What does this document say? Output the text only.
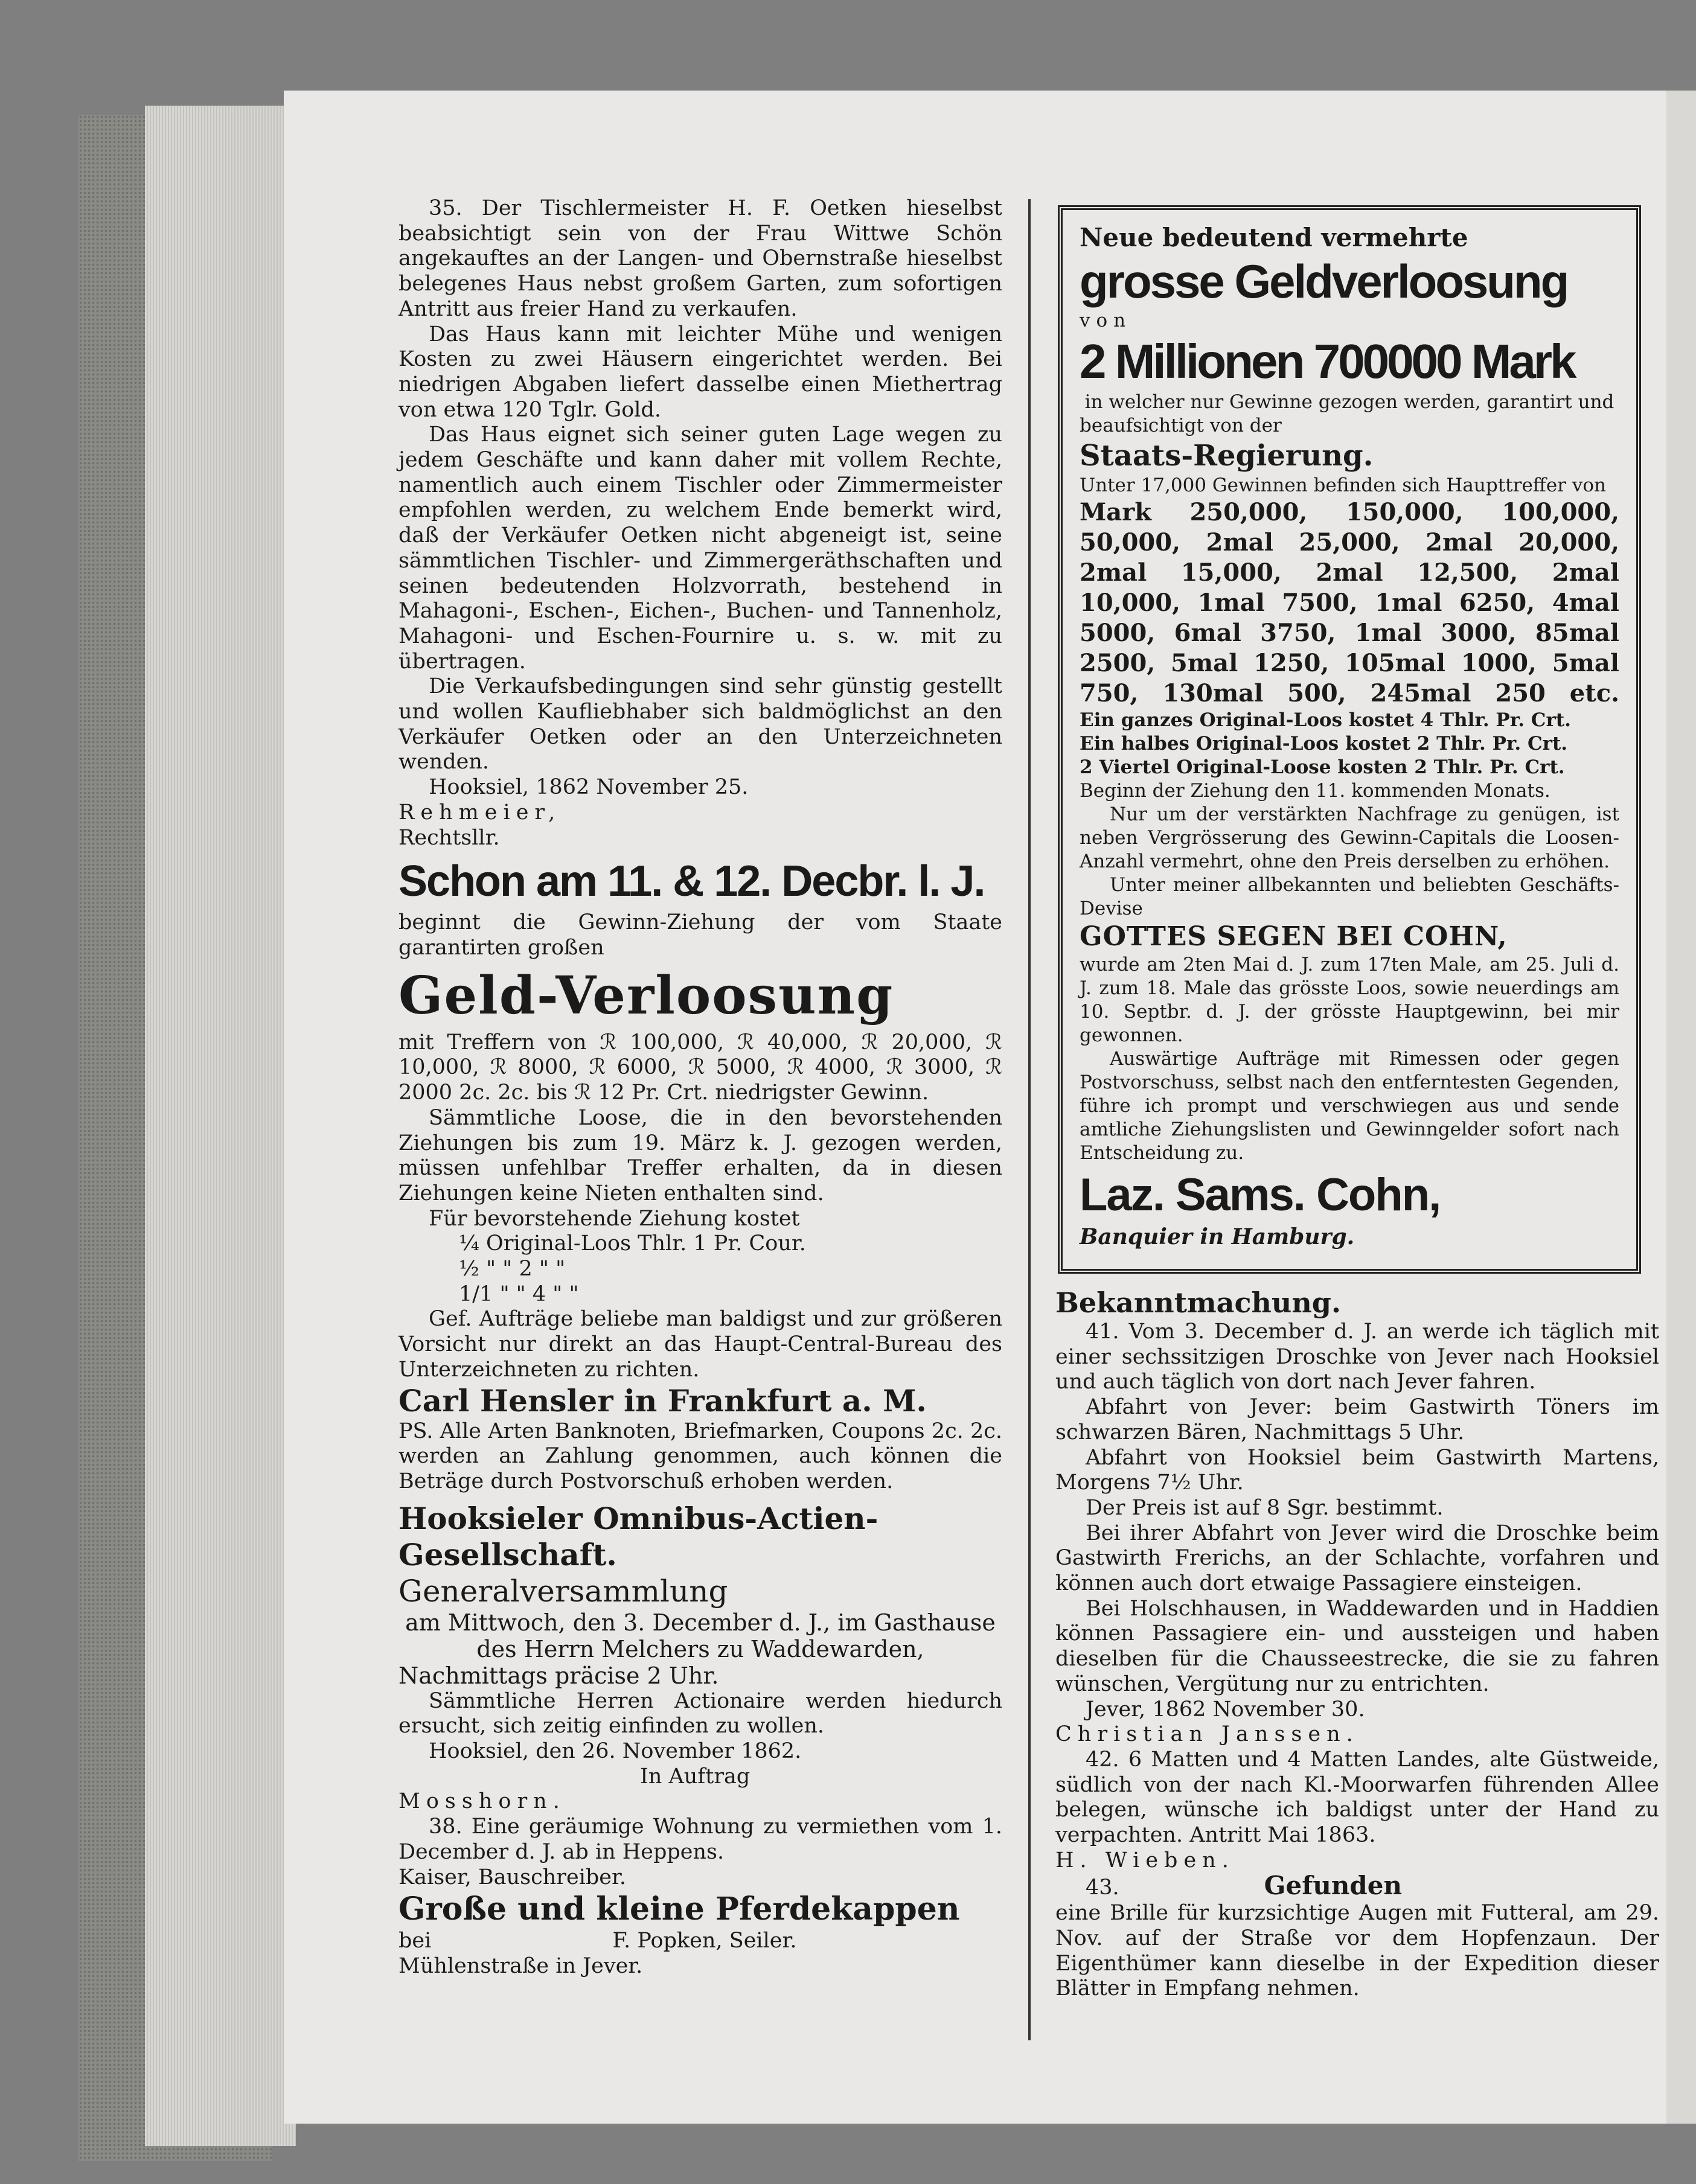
35. Der Tischlermeister H. F. Oetken hieselbst beabsichtigt sein von der Frau Wittwe Schön angekauftes an der Langen- und Obernstraße hieselbst belegenes Haus nebst großem Garten, zum sofortigen Antritt aus freier Hand zu verkaufen.

Das Haus kann mit leichter Mühe und wenigen Kosten zu zwei Häusern eingerichtet werden. Bei niedrigen Abgaben liefert dasselbe einen Miethertrag von etwa 120 Tglr. Gold.

Das Haus eignet sich seiner guten Lage wegen zu jedem Geschäfte und kann daher mit vollem Rechte, namentlich auch einem Tischler oder Zimmermeister empfohlen werden, zu welchem Ende bemerkt wird, daß der Verkäufer Oetken nicht abgeneigt ist, seine sämmtlichen Tischler- und Zimmergeräthschaften und seinen bedeutenden Holzvorrath, bestehend in Mahagoni-, Eschen-, Eichen-, Buchen- und Tannenholz, Mahagoni- und Eschen-Fournire u. s. w. mit zu übertragen.

Die Verkaufsbedingungen sind sehr günstig gestellt und wollen Kaufliebhaber sich baldmöglichst an den Verkäufer Oetken oder an den Unterzeichneten wenden.

Hooksiel, 1862 November 25.

Rehmeier,

Rechtsllr.

Schon am 11. & 12. Decbr. l. J.

beginnt die Gewinn-Ziehung der vom Staate garantirten großen

Geld-Verloosung

mit Treffern von ℛ 100,000, ℛ 40,000, ℛ 20,000, ℛ 10,000, ℛ 8000, ℛ 6000, ℛ 5000, ℛ 4000, ℛ 3000, ℛ 2000 2c. 2c. bis ℛ 12 Pr. Crt. niedrigster Gewinn.

Sämmtliche Loose, die in den bevorstehenden Ziehungen bis zum 19. März k. J. gezogen werden, müssen unfehlbar Treffer erhalten, da in diesen Ziehungen keine Nieten enthalten sind.

Für bevorstehende Ziehung kostet

¼ Original-Loos Thlr. 1 Pr. Cour.

½ " " 2 " "

1/1 " " 4 " "

Gef. Aufträge beliebe man baldigst und zur größeren Vorsicht nur direkt an das Haupt-Central-Bureau des Unterzeichneten zu richten.

Carl Hensler in Frankfurt a. M.

PS. Alle Arten Banknoten, Briefmarken, Coupons 2c. 2c. werden an Zahlung genommen, auch können die Beträge durch Postvorschuß erhoben werden.

Hooksieler Omnibus-Actien-

Gesellschaft.

Generalversammlung

am Mittwoch, den 3. December d. J., im Gasthause des Herrn Melchers zu Waddewarden, Nachmittags präcise 2 Uhr.

Sämmtliche Herren Actionaire werden hiedurch ersucht, sich zeitig einfinden zu wollen.

Hooksiel, den 26. November 1862.

In Auftrag

Mosshorn.

38. Eine geräumige Wohnung zu vermiethen vom 1. December d. J. ab in Heppens.

Kaiser, Bauschreiber.

Große und kleine Pferdekappen

bei	F. Popken, Seiler.

Mühlenstraße in Jever.

Neue bedeutend vermehrte

grosse Geldverloosung

von

2 Millionen 700000 Mark

in welcher nur Gewinne gezogen werden, garantirt und beaufsichtigt von der

Staats-Regierung.

Unter 17,000 Gewinnen befinden sich Haupttreffer von

Mark 250,000, 150,000, 100,000, 50,000, 2mal 25,000, 2mal 20,000, 2mal 15,000, 2mal 12,500, 2mal 10,000, 1mal 7500, 1mal 6250, 4mal 5000, 6mal 3750, 1mal 3000, 85mal 2500, 5mal 1250, 105mal 1000, 5mal 750, 130mal 500, 245mal 250 etc.

Ein ganzes Original-Loos kostet 4 Thlr. Pr. Crt.

Ein halbes Original-Loos kostet 2 Thlr. Pr. Crt.

2 Viertel Original-Loose kosten 2 Thlr. Pr. Crt.

Beginn der Ziehung den 11. kommenden Monats.

Nur um der verstärkten Nachfrage zu genügen, ist neben Vergrösserung des Gewinn-Capitals die Loosen-Anzahl vermehrt, ohne den Preis derselben zu erhöhen.

Unter meiner allbekannten und beliebten Geschäfts-Devise

GOTTES SEGEN BEI COHN,

wurde am 2ten Mai d. J. zum 17ten Male, am 25. Juli d. J. zum 18. Male das grösste Loos, sowie neuerdings am 10. Septbr. d. J. der grösste Hauptgewinn, bei mir gewonnen.

Auswärtige Aufträge mit Rimessen oder gegen Postvorschuss, selbst nach den entferntesten Gegenden, führe ich prompt und verschwiegen aus und sende amtliche Ziehungslisten und Gewinngelder sofort nach Entscheidung zu.

Laz. Sams. Cohn,

Banquier in Hamburg.

Bekanntmachung.

41. Vom 3. December d. J. an werde ich täglich mit einer sechssitzigen Droschke von Jever nach Hooksiel und auch täglich von dort nach Jever fahren.

Abfahrt von Jever: beim Gastwirth Töners im schwarzen Bären, Nachmittags 5 Uhr.

Abfahrt von Hooksiel beim Gastwirth Martens, Morgens 7½ Uhr.

Der Preis ist auf 8 Sgr. bestimmt.

Bei ihrer Abfahrt von Jever wird die Droschke beim Gastwirth Frerichs, an der Schlachte, vorfahren und können auch dort etwaige Passagiere einsteigen.

Bei Holschhausen, in Waddewarden und in Haddien können Passagiere ein- und aussteigen und haben dieselben für die Chausseestrecke, die sie zu fahren wünschen, Vergütung nur zu entrichten.

Jever, 1862 November 30.

Christian Janssen.

42. 6 Matten und 4 Matten Landes, alte Güstweide, südlich von der nach Kl.-Moorwarfen führenden Allee belegen, wünsche ich baldigst unter der Hand zu verpachten. Antritt Mai 1863.

H. Wieben.

43.	Gefunden

eine Brille für kurzsichtige Augen mit Futteral, am 29. Nov. auf der Straße vor dem Hopfenzaun. Der Eigenthümer kann dieselbe in der Expedition dieser Blätter in Empfang nehmen.
